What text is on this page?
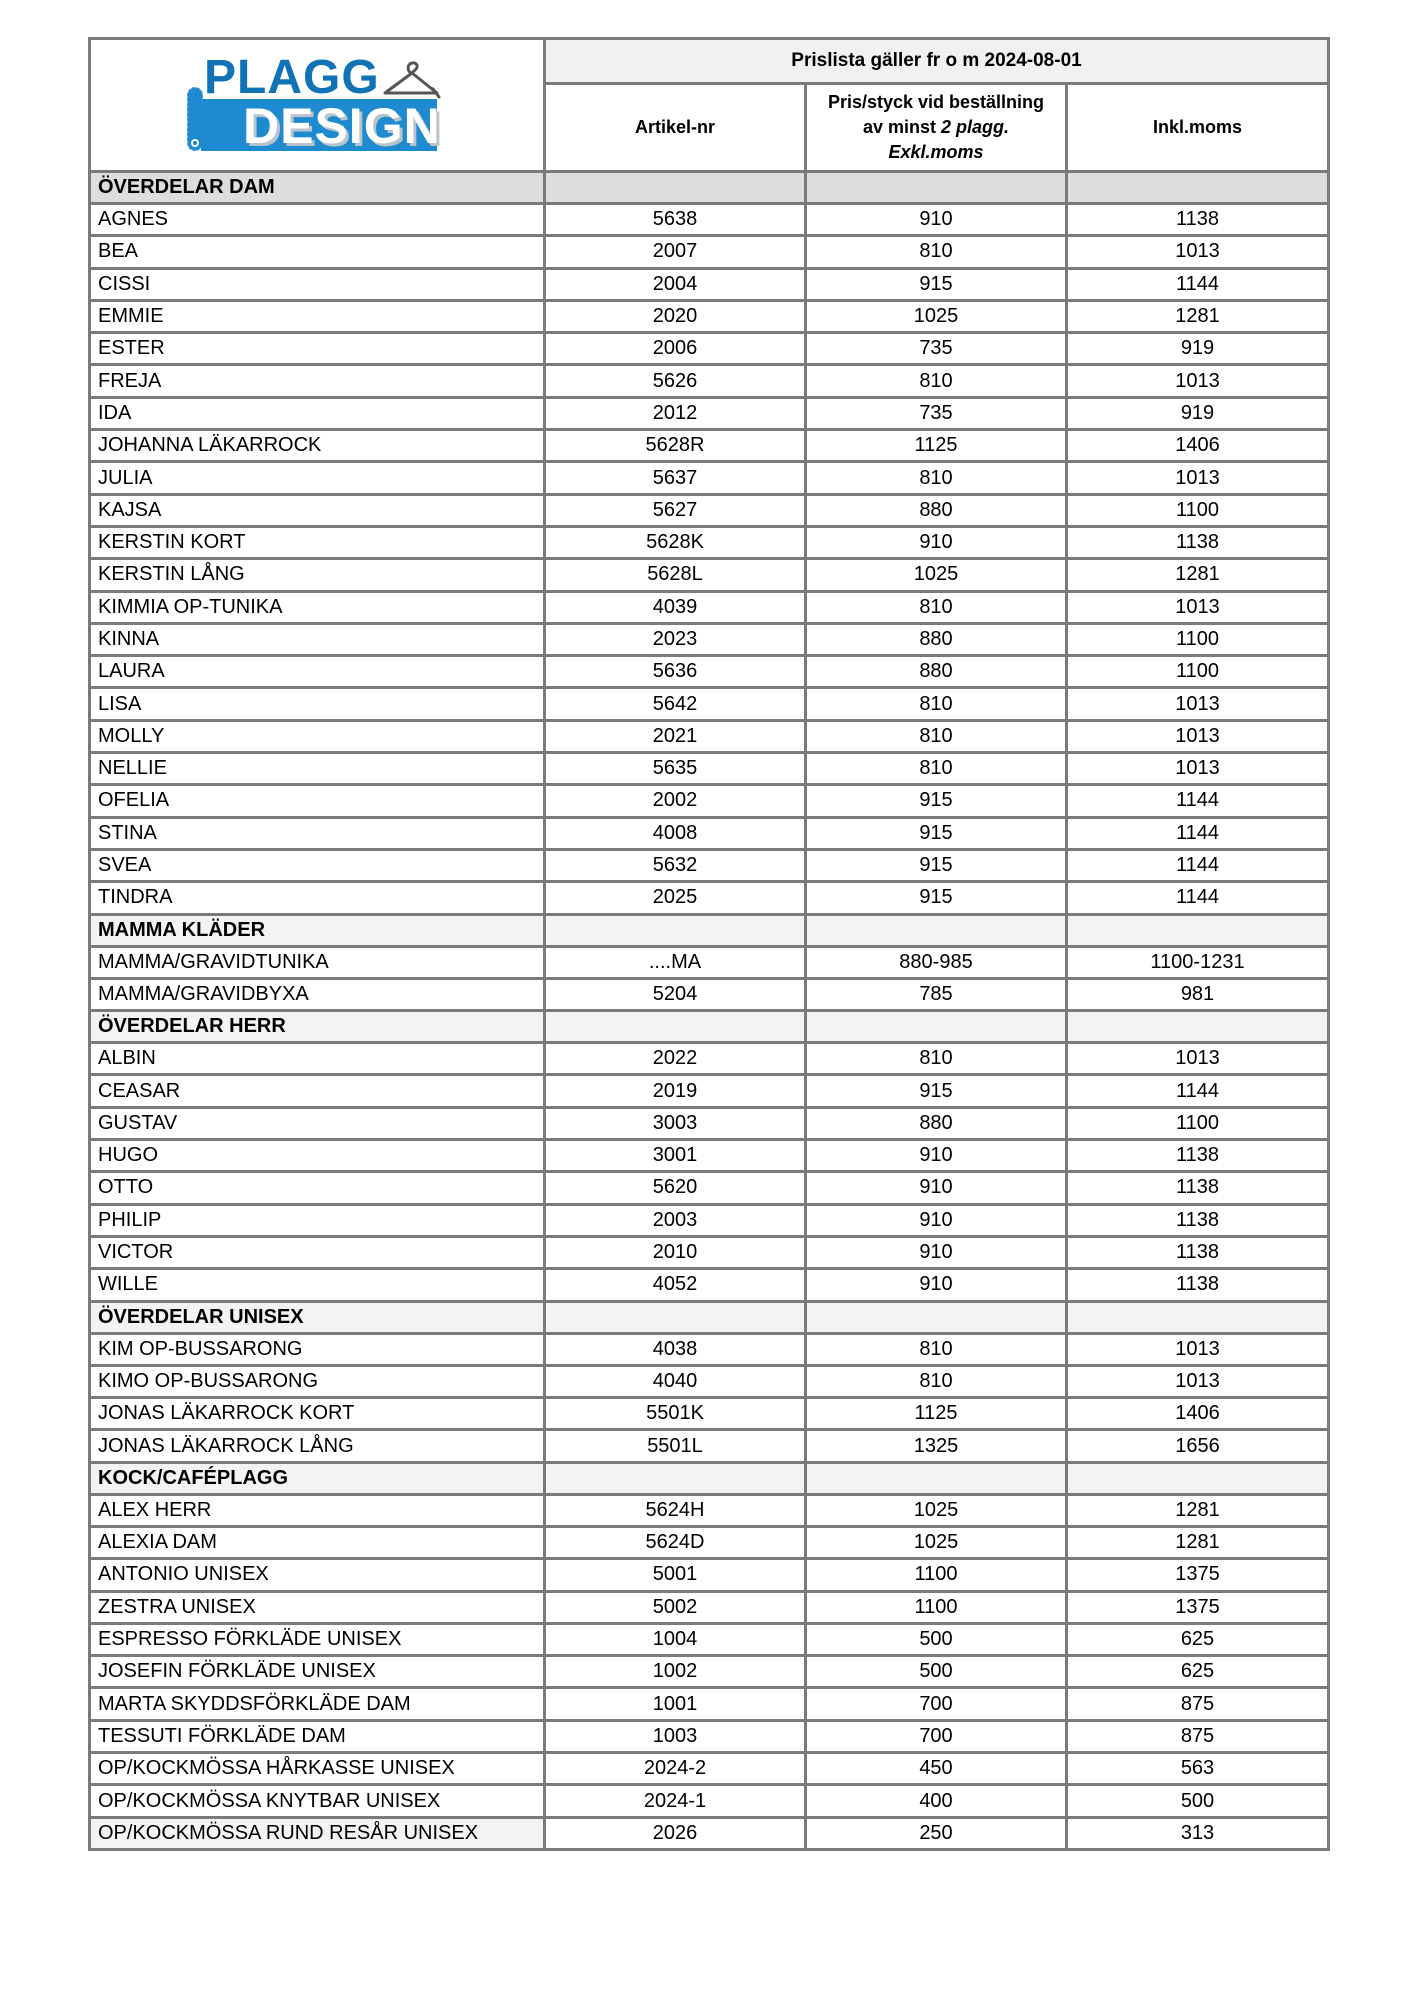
PLAGG
DESIGN	Prislista gäller fr o m 2024-08-01		
	Artikel-nr	Pris/styck vid beställning
av minst 2 plagg.
Exkl.moms	Inkl.moms
ÖVERDELAR DAM			
AGNES	5638	910	1138
BEA	2007	810	1013
CISSI	2004	915	1144
EMMIE	2020	1025	1281
ESTER	2006	735	919
FREJA	5626	810	1013
IDA	2012	735	919
JOHANNA LÄKARROCK	5628R	1125	1406
JULIA	5637	810	1013
KAJSA	5627	880	1100
KERSTIN KORT	5628K	910	1138
KERSTIN LÅNG	5628L	1025	1281
KIMMIA OP-TUNIKA	4039	810	1013
KINNA	2023	880	1100
LAURA	5636	880	1100
LISA	5642	810	1013
MOLLY	2021	810	1013
NELLIE	5635	810	1013
OFELIA	2002	915	1144
STINA	4008	915	1144
SVEA	5632	915	1144
TINDRA	2025	915	1144
MAMMA KLÄDER			
MAMMA/GRAVIDTUNIKA	....MA	880-985	1100-1231
MAMMA/GRAVIDBYXA	5204	785	981
ÖVERDELAR HERR			
ALBIN	2022	810	1013
CEASAR	2019	915	1144
GUSTAV	3003	880	1100
HUGO	3001	910	1138
OTTO	5620	910	1138
PHILIP	2003	910	1138
VICTOR	2010	910	1138
WILLE	4052	910	1138
ÖVERDELAR UNISEX			
KIM OP-BUSSARONG	4038	810	1013
KIMO OP-BUSSARONG	4040	810	1013
JONAS LÄKARROCK KORT	5501K	1125	1406
JONAS LÄKARROCK LÅNG	5501L	1325	1656
KOCK/CAFÉPLAGG			
ALEX HERR	5624H	1025	1281
ALEXIA DAM	5624D	1025	1281
ANTONIO UNISEX	5001	1100	1375
ZESTRA UNISEX	5002	1100	1375
ESPRESSO FÖRKLÄDE UNISEX	1004	500	625
JOSEFIN FÖRKLÄDE UNISEX	1002	500	625
MARTA SKYDDSFÖRKLÄDE DAM	1001	700	875
TESSUTI FÖRKLÄDE DAM	1003	700	875
OP/KOCKMÖSSA HÅRKASSE UNISEX	2024-2	450	563
OP/KOCKMÖSSA KNYTBAR UNISEX	2024-1	400	500
OP/KOCKMÖSSA RUND RESÅR UNISEX	2026	250	313
